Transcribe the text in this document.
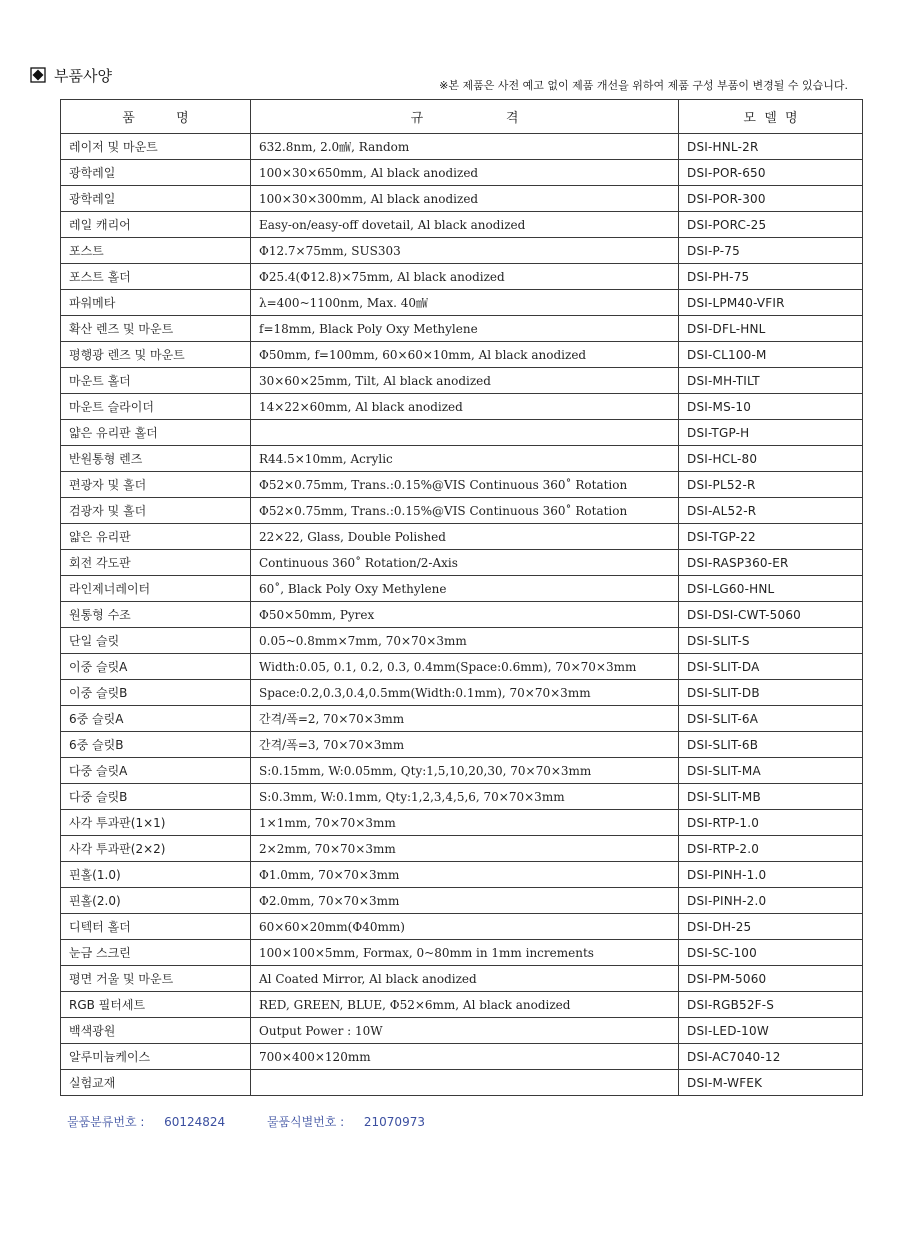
부품사양
※본 제품은 사전 예고 없이 제품 개선을 위하여 제품 구성 부품이 변경될 수 있습니다.
품          명	규                    격	모  델  명
레이저 및 마운트	632.8nm, 2.0㎽, Random	DSI-HNL-2R
광학레일	100×30×650mm, Al black anodized	DSI-POR-650
광학레일	100×30×300mm, Al black anodized	DSI-POR-300
레일 캐리어	Easy-on/easy-off dovetail, Al black anodized	DSI-PORC-25
포스트	Φ12.7×75mm, SUS303	DSI-P-75
포스트 홀더	Φ25.4(Φ12.8)×75mm, Al black anodized	DSI-PH-75
파워메타	λ=400~1100nm, Max. 40㎽	DSI-LPM40-VFIR
확산 렌즈 및 마운트	f=18mm, Black Poly Oxy Methylene	DSI-DFL-HNL
평행광 렌즈 및 마운트	Φ50mm, f=100mm, 60×60×10mm, Al black anodized	DSI-CL100-M
마운트 홀더	30×60×25mm, Tilt, Al black anodized	DSI-MH-TILT
마운트 슬라이더	14×22×60mm, Al black anodized	DSI-MS-10
얇은 유리판 홀더		DSI-TGP-H
반원통형 렌즈	R44.5×10mm, Acrylic	DSI-HCL-80
편광자 및 홀더	Φ52×0.75mm, Trans.:0.15%@VIS Continuous 360˚ Rotation	DSI-PL52-R
검광자 및 홀더	Φ52×0.75mm, Trans.:0.15%@VIS Continuous 360˚ Rotation	DSI-AL52-R
얇은 유리판	22×22, Glass, Double Polished	DSI-TGP-22
회전 각도판	Continuous 360˚ Rotation/2-Axis	DSI-RASP360-ER
라인제너레이터	60˚, Black Poly Oxy Methylene	DSI-LG60-HNL
원통형 수조	Φ50×50mm, Pyrex	DSI-DSI-CWT-5060
단일 슬릿	0.05~0.8mm×7mm, 70×70×3mm	DSI-SLIT-S
이중 슬릿A	Width:0.05, 0.1, 0.2, 0.3, 0.4mm(Space:0.6mm), 70×70×3mm	DSI-SLIT-DA
이중 슬릿B	Space:0.2,0.3,0.4,0.5mm(Width:0.1mm), 70×70×3mm	DSI-SLIT-DB
6중 슬릿A	간격/폭=2, 70×70×3mm	DSI-SLIT-6A
6중 슬릿B	간격/폭=3, 70×70×3mm	DSI-SLIT-6B
다중 슬릿A	S:0.15mm, W:0.05mm, Qty:1,5,10,20,30, 70×70×3mm	DSI-SLIT-MA
다중 슬릿B	S:0.3mm, W:0.1mm, Qty:1,2,3,4,5,6, 70×70×3mm	DSI-SLIT-MB
사각 투과판(1×1)	1×1mm, 70×70×3mm	DSI-RTP-1.0
사각 투과판(2×2)	2×2mm, 70×70×3mm	DSI-RTP-2.0
핀홀(1.0)	Φ1.0mm, 70×70×3mm	DSI-PINH-1.0
핀홀(2.0)	Φ2.0mm, 70×70×3mm	DSI-PINH-2.0
디텍터 홀더	60×60×20mm(Φ40mm)	DSI-DH-25
눈금 스크린	100×100×5mm, Formax, 0~80mm in 1mm increments	DSI-SC-100
평면 거울 및 마운트	Al Coated Mirror, Al black anodized	DSI-PM-5060
RGB 필터세트	RED, GREEN, BLUE, Φ52×6mm, Al black anodized	DSI-RGB52F-S
백색광원	Output Power : 10W	DSI-LED-10W
알루미늄케이스	700×400×120mm	DSI-AC7040-12
실험교재		DSI-M-WFEK
물품분류번호 : 60124824	물품식별번호 : 21070973
